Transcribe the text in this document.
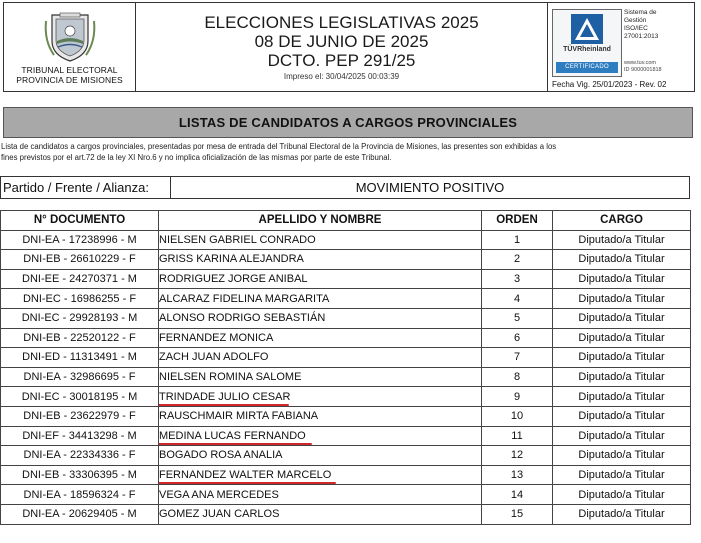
TRIBUNAL ELECTORAL
PROVINCIA DE MISIONES
ELECCIONES LEGISLATIVAS 2025
08 DE JUNIO DE 2025
DCTO. PEP 291/25
Impreso el: 30/04/2025 00:03:39
TÜVRheinland
CERTIFICADO
Sistema de
Gestión
ISO/IEC
27001:2013
www.tuv.com
ID 9000001818
Fecha Vig. 25/01/2023 - Rev. 02
LISTAS DE CANDIDATOS A CARGOS PROVINCIALES
Lista de candidatos a cargos provinciales, presentadas por mesa de entrada del Tribunal Electoral de la Provincia de Misiones, las presentes son exhibidas a los
fines previstos por el art.72 de la ley XI Nro.6 y no implica oficialización de las mismas por parte de este Tribunal.
Partido / Frente / Alianza:	MOVIMIENTO POSITIVO
N° DOCUMENTO	APELLIDO Y NOMBRE	ORDEN	CARGO
DNI-EA - 17238996 - M	NIELSEN GABRIEL CONRADO	1	Diputado/a Titular
DNI-EB - 26610229 - F	GRISS KARINA ALEJANDRA	2	Diputado/a Titular
DNI-EE - 24270371 - M	RODRIGUEZ JORGE ANIBAL	3	Diputado/a Titular
DNI-EC - 16986255 - F	ALCARAZ FIDELINA MARGARITA	4	Diputado/a Titular
DNI-EC - 29928193 - M	ALONSO RODRIGO SEBASTIÁN	5	Diputado/a Titular
DNI-EB - 22520122 - F	FERNANDEZ MONICA	6	Diputado/a Titular
DNI-ED - 11313491 - M	ZACH JUAN ADOLFO	7	Diputado/a Titular
DNI-EA - 32986695 - F	NIELSEN ROMINA SALOME	8	Diputado/a Titular
DNI-EC - 30018195 - M	TRINDADE JULIO CESAR	9	Diputado/a Titular
DNI-EB - 23622979 - F	RAUSCHMAIR MIRTA FABIANA	10	Diputado/a Titular
DNI-EF - 34413298 - M	MEDINA LUCAS FERNANDO	11	Diputado/a Titular
DNI-EA - 22334336 - F	BOGADO ROSA ANALIA	12	Diputado/a Titular
DNI-EB - 33306395 - M	FERNANDEZ WALTER MARCELO	13	Diputado/a Titular
DNI-EA - 18596324 - F	VEGA ANA MERCEDES	14	Diputado/a Titular
DNI-EA - 20629405 - M	GOMEZ JUAN CARLOS	15	Diputado/a Titular
